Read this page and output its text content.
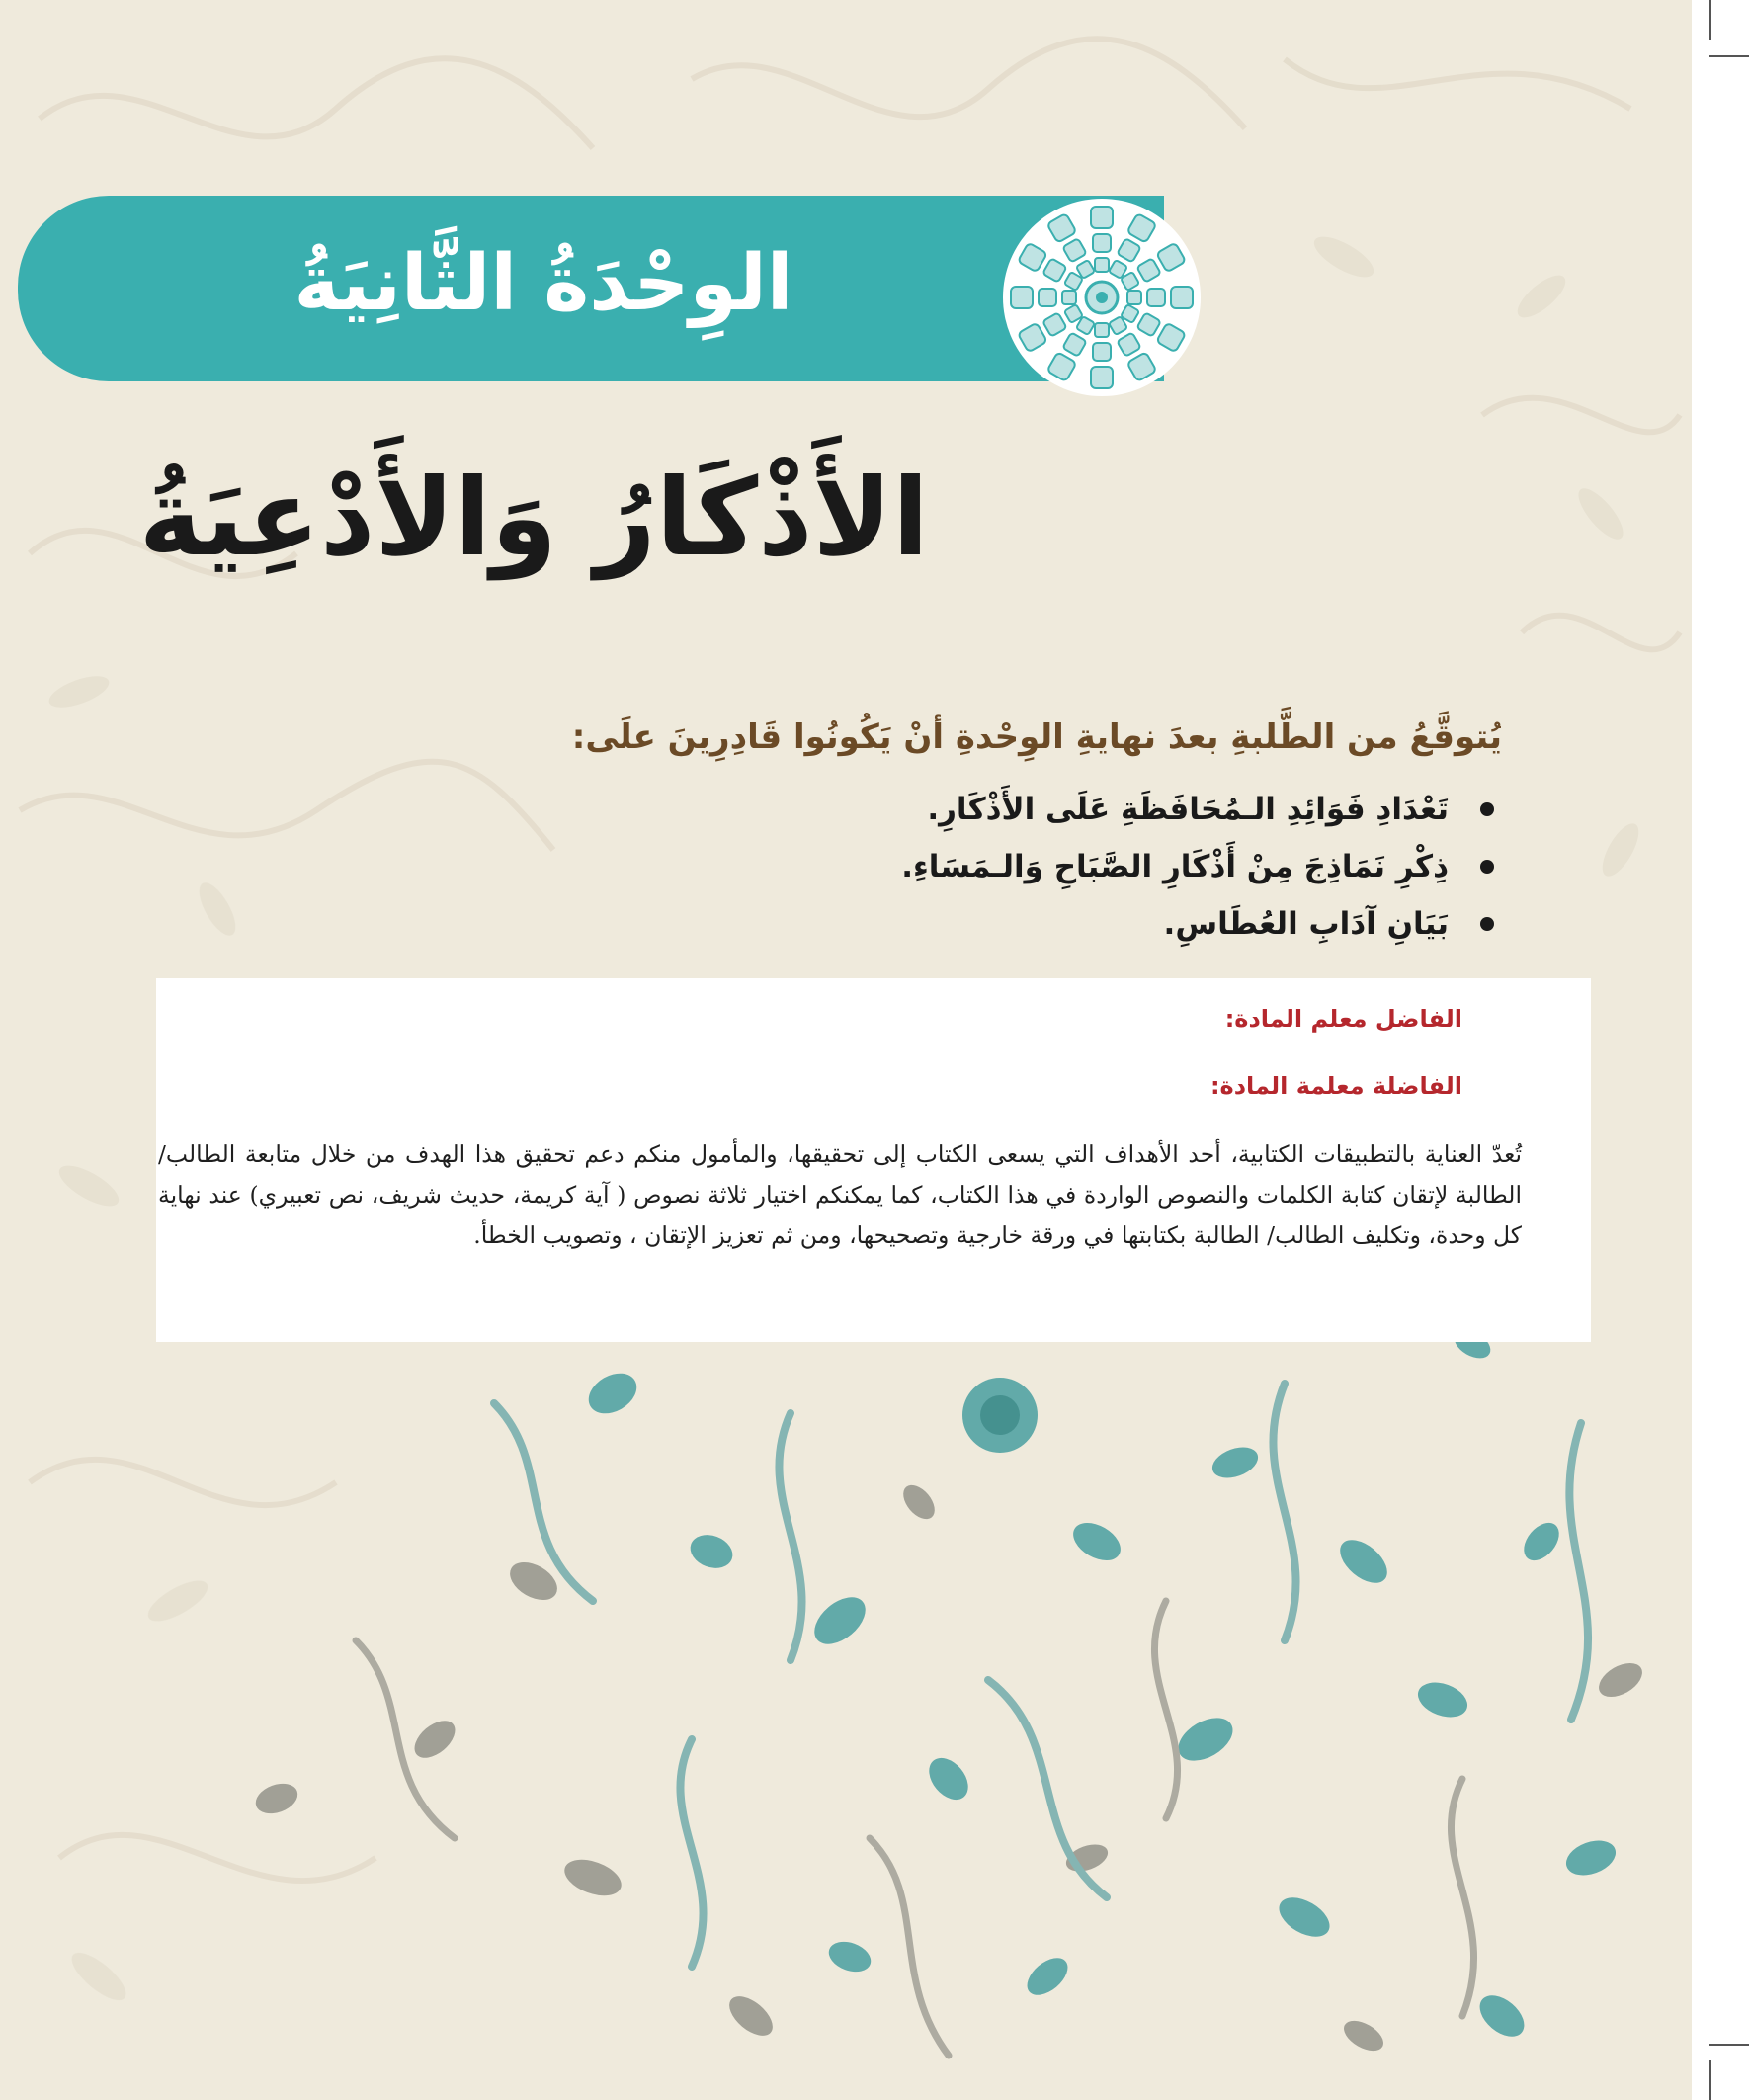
الوِحْدَةُ الثَّانِيَةُ
الأَذْكَارُ وَالأَدْعِيَةُ
يُتوقَّعُ من الطَّلبةِ بعدَ نهايةِ الوِحْدةِ أنْ يَكُونُوا قَادِرِينَ علَى:
تَعْدَادِ فَوَائِدِ الـمُحَافَظَةِ عَلَى الأَذْكَارِ.
ذِكْرِ نَمَاذِجَ مِنْ أَذْكَارِ الصَّبَاحِ وَالـمَسَاءِ.
بَيَانِ آدَابِ العُطَاسِ.
الفاضل معلم المادة:
الفاضلة معلمة المادة:

تُعدّ العناية بالتطبيقات الكتابية، أحد الأهداف التي يسعى الكتاب إلى تحقيقها، والمأمول منكم دعم تحقيق هذا الهدف من خلال متابعة الطالب/ الطالبة لإتقان كتابة الكلمات والنصوص الواردة في هذا الكتاب، كما يمكنكم اختيار ثلاثة نصوص ( آية كريمة، حديث شريف، نص تعبيري) عند نهاية كل وحدة، وتكليف الطالب/ الطالبة بكتابتها في ورقة خارجية وتصحيحها، ومن ثم تعزيز الإتقان ، وتصويب الخطأ.
